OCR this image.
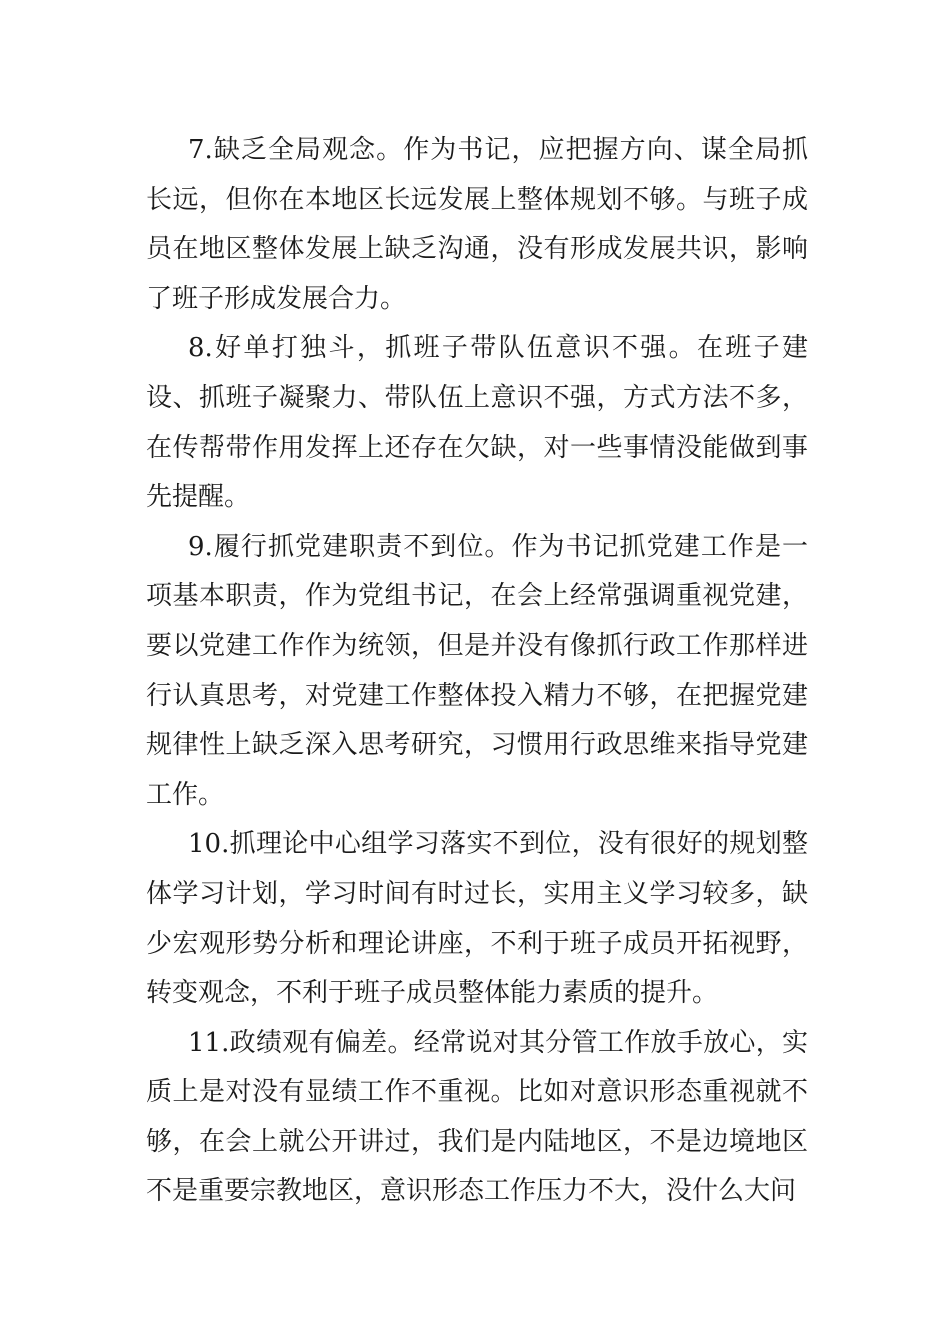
7.缺乏全局观念。作为书记，应把握方向、谋全局抓长远，但你在本地区长远发展上整体规划不够。与班子成员在地区整体发展上缺乏沟通，没有形成发展共识，影响了班子形成发展合力。

8.好单打独斗，抓班子带队伍意识不强。在班子建设、抓班子凝聚力、带队伍上意识不强，方式方法不多，在传帮带作用发挥上还存在欠缺，对一些事情没能做到事先提醒。

9.履行抓党建职责不到位。作为书记抓党建工作是一项基本职责，作为党组书记，在会上经常强调重视党建，要以党建工作作为统领，但是并没有像抓行政工作那样进行认真思考，对党建工作整体投入精力不够，在把握党建规律性上缺乏深入思考研究，习惯用行政思维来指导党建工作。

10.抓理论中心组学习落实不到位，没有很好的规划整体学习计划，学习时间有时过长，实用主义学习较多，缺少宏观形势分析和理论讲座，不利于班子成员开拓视野，转变观念，不利于班子成员整体能力素质的提升。

11.政绩观有偏差。经常说对其分管工作放手放心，实质上是对没有显绩工作不重视。比如对意识形态重视就不够，在会上就公开讲过，我们是内陆地区，不是边境地区不是重要宗教地区，意识形态工作压力不大，没什么大问
